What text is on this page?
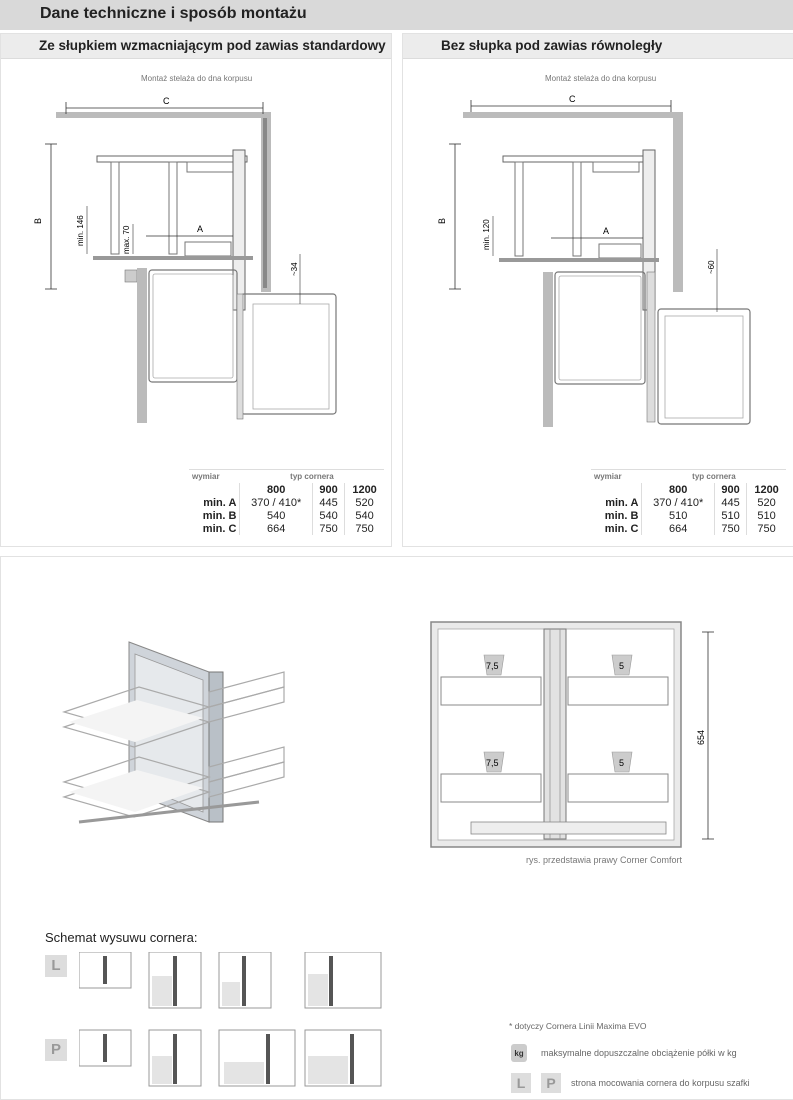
Dane techniczne i sposób montażu
Ze słupkiem wzmacniającym pod zawias standardowy
Montaż stelaża do dna korpusu
C
B	min. 146	max. 70	A
~34
wymiar	typ cornera		
	800	900	1200
min. A	370 / 410*	445	520
min. B	540	540	540
min. C	664	750	750
Bez słupka pod zawias równoległy
Montaż stelaża do dna korpusu
C
B	min. 120	A
~60
wymiar	typ cornera		
	800	900	1200
min. A	370 / 410*	445	520
min. B	510	510	510
min. C	664	750	750
7,5	5
7,5	5
654
rys. przedstawia prawy Corner Comfort
Schemat wysuwu cornera:
L
P
* dotyczy Cornera Linii Maxima EVO
kg	maksymalne dopuszczalne obciążenie półki w kg
L	P	strona mocowania cornera do korpusu szafki
